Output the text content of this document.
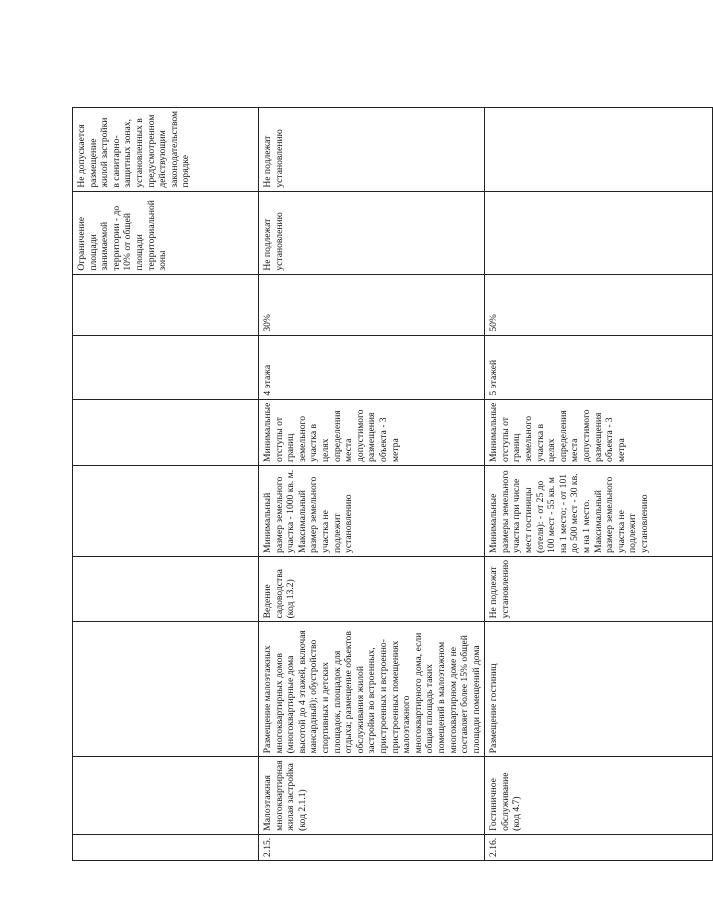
								Ограничение площади занимаемой территории - до 10% от общей площади территориальной зоны	Не допускается размещение жилой застройки в санитарно-защитных зонах, установленных в предусмотренном действующим законодательством порядке
2.15.	Малоэтажная многоквартирная жилая застройка (код 2.1.1)	Размещение малоэтажных многоквартирных домов (многоквартирные дома высотой до 4 этажей, включая мансардный); обустройство спортивных и детских площадок, площадок для отдыха; размещение объектов обслуживания жилой застройки во встроенных, пристроенных и встроенно-пристроенных помещениях малоэтажного многоквартирного дома, если общая площадь таких помещений в малоэтажном многоквартирном доме не составляет более 15% общей площади помещений дома	Ведение садоводства (код 13.2)	Минимальный размер земельного участка - 1000 кв. м. Максимальный размер земельного участка не подлежит установлению	Минимальные отступы от границ земельного участка в целях определения места допустимого размещения объекта - 3 метра	4 этажа	30%	Не подлежат установлению	Не подлежат установлению
2.16.	Гостиничное обслуживание (код 4.7)	Размещение гостиниц	Не подлежат установлению	Минимальные размеры земельного участка при числе мест гостиницы (отеля): - от 25 до 100 мест - 55 кв. м на 1 место; - от 101 до 500 мест - 30 кв. м на 1 место. Максимальный размер земельного участка не подлежит установлению	Минимальные отступы от границ земельного участка в целях определения места допустимого размещения объекта - 3 метра	5 этажей	50%		
